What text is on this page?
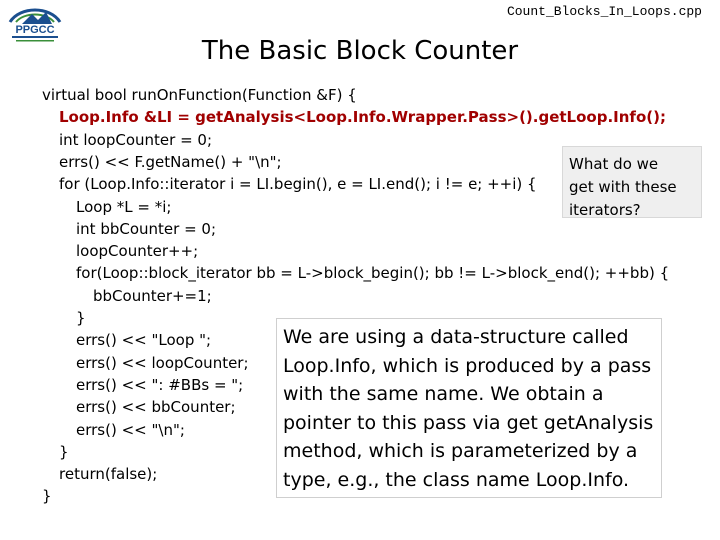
PPGCC
Count_Blocks_In_Loops.cpp
The Basic Block Counter
virtual bool runOnFunction(Function &F) {
Loop.Info &LI = getAnalysis<Loop.Info.Wrapper.Pass>().getLoop.Info();
int loopCounter = 0;
errs() << F.getName() + "\n";
for (Loop.Info::iterator i = LI.begin(), e = LI.end(); i != e; ++i) {
Loop *L = *i;
int bbCounter = 0;
loopCounter++;
for(Loop::block_iterator bb = L->block_begin(); bb != L->block_end(); ++bb) {
bbCounter+=1;
}
errs() << "Loop ";
errs() << loopCounter;
errs() << ": #BBs = ";
errs() << bbCounter;
errs() << "\n";
}
return(false);
}
What do we
get with these
iterators?
We are using a data-structure called
Loop.Info, which is produced by a pass
with the same name. We obtain a
pointer to this pass via get getAnalysis
method, which is parameterized by a
type, e.g., the class name Loop.Info.
